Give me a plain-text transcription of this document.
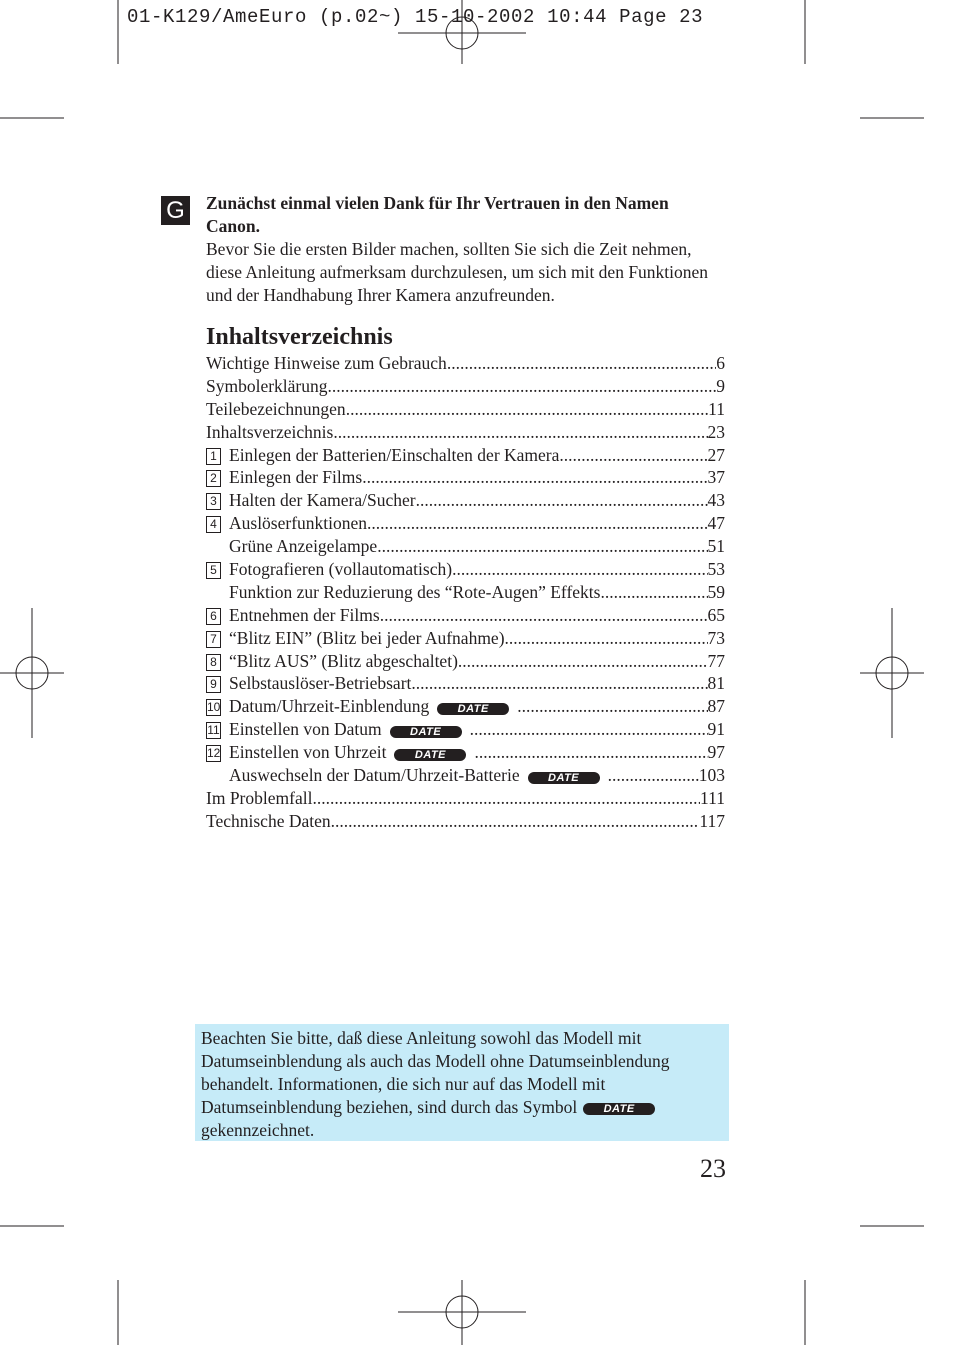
01-K129/AmeEuro (p.02~) 15-10-2002 10:44 Page 23
G Zunächst einmal vielen Dank für Ihr Vertrauen in den Namen Canon.
Bevor Sie die ersten Bilder machen, sollten Sie sich die Zeit nehmen, diese Anleitung aufmerksam durchzulesen, um sich mit den Funktionen und der Handhabung Ihrer Kamera anzufreunden.
Inhaltsverzeichnis
Wichtige Hinweise zum Gebrauch .....	6
Symbolerklärung .....	9
Teilebezeichnungen .....	11
Inhaltsverzeichnis .....	23
1 Einlegen der Batterien/Einschalten der Kamera .....	27
2 Einlegen der Films .....	37
3 Halten der Kamera/Sucher .....	43
4 Auslöserfunktionen .....	47
Grüne Anzeigelampe .....	51
5 Fotografieren (vollautomatisch) .....	53
Funktion zur Reduzierung des “Rote-Augen” Effekts .....	59
6 Entnehmen der Films .....	65
7 “Blitz EIN” (Blitz bei jeder Aufnahme) .....	73
8 “Blitz AUS” (Blitz abgeschaltet) .....	77
9 Selbstauslöser-Betriebsart .....	81
10 Datum/Uhrzeit-Einblendung	DATE .....	87
11 Einstellen von Datum	DATE .....	91
12 Einstellen von Uhrzeit	DATE .....	97
Auswechseln der Datum/Uhrzeit-Batterie	DATE .....	103
Im Problemfall .....	111
Technische Daten .....	117
Beachten Sie bitte, daß diese Anleitung sowohl das Modell mit Datumseinblendung als auch das Modell ohne Datumseinblendung behandelt. Informationen, die sich nur auf das Modell mit Datumseinblendung beziehen, sind durch das Symbol DATE
gekennzeichnet.
23
